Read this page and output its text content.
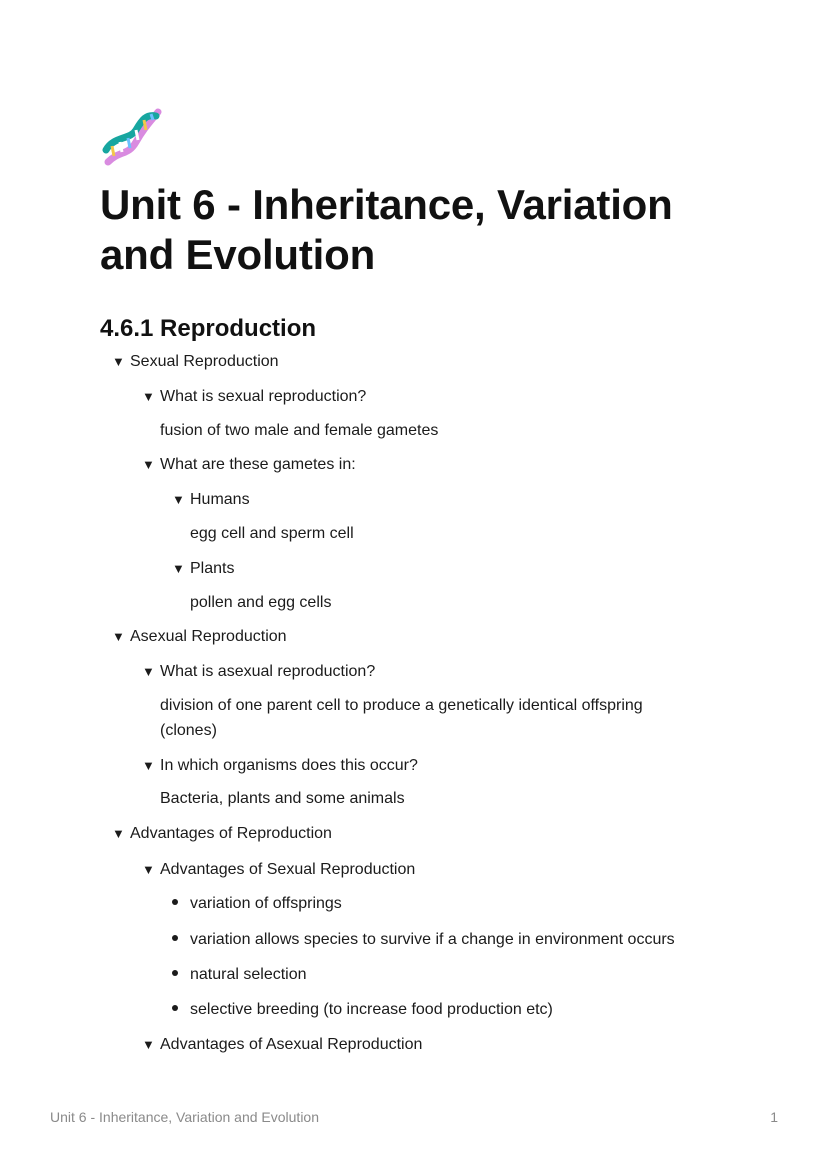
Unit 6 - Inheritance, Variation and Evolution
4.6.1 Reproduction
▼ Sexual Reproduction
▼ What is sexual reproduction?
fusion of two male and female gametes
▼ What are these gametes in:
▼ Humans
egg cell and sperm cell
▼ Plants
pollen and egg cells
▼ Asexual Reproduction
▼ What is asexual reproduction?
division of one parent cell to produce a genetically identical offspring (clones)
▼ In which organisms does this occur?
Bacteria, plants and some animals
▼ Advantages of Reproduction
▼ Advantages of Sexual Reproduction
variation of offsprings
variation allows species to survive if a change in environment occurs
natural selection
selective breeding (to increase food production etc)
▼ Advantages of Asexual Reproduction
Unit 6 - Inheritance, Variation and Evolution	1
